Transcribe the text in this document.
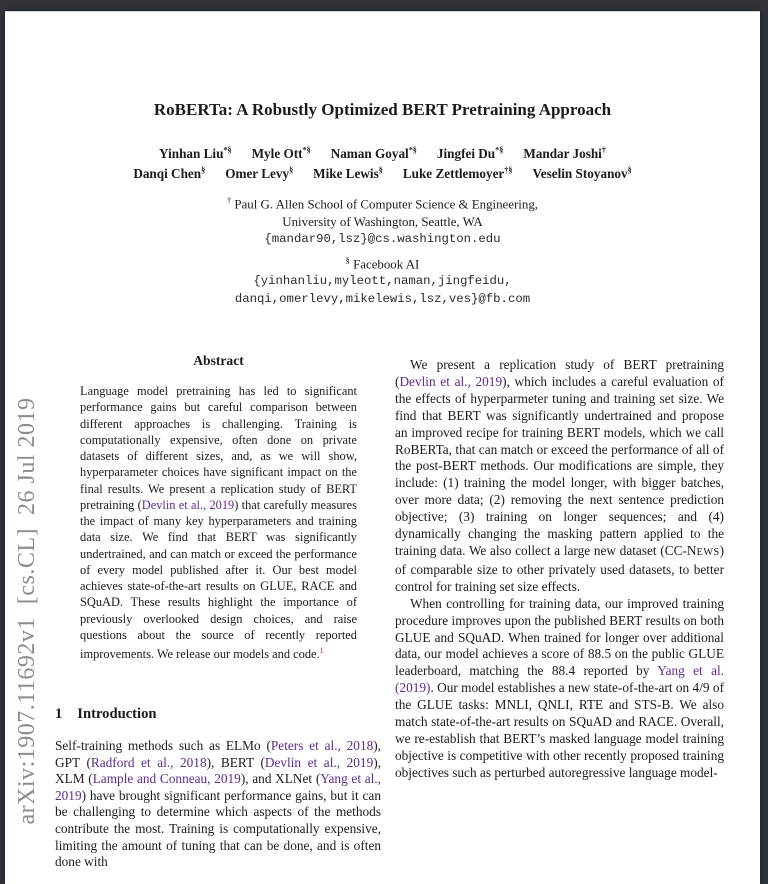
arXiv:1907.11692v1  [cs.CL]  26 Jul 2019
RoBERTa: A Robustly Optimized BERT Pretraining Approach
Yinhan Liu*§ Myle Ott*§ Naman Goyal*§ Jingfei Du*§ Mandar Joshi†
Danqi Chen§ Omer Levy§ Mike Lewis§ Luke Zettlemoyer†§ Veselin Stoyanov§
† Paul G. Allen School of Computer Science & Engineering,
University of Washington, Seattle, WA
{mandar90,lsz}@cs.washington.edu
§ Facebook AI
{yinhanliu,myleott,naman,jingfeidu,
danqi,omerlevy,mikelewis,lsz,ves}@fb.com
Abstract
Language model pretraining has led to significant performance gains but careful comparison between different approaches is challenging. Training is computationally expensive, often done on private datasets of different sizes, and, as we will show, hyperparameter choices have significant impact on the final results. We present a replication study of BERT pretraining (Devlin et al., 2019) that carefully measures the impact of many key hyperparameters and training data size. We find that BERT was significantly undertrained, and can match or exceed the performance of every model published after it. Our best model achieves state-of-the-art results on GLUE, RACE and SQuAD. These results highlight the importance of previously overlooked design choices, and raise questions about the source of recently reported improvements. We release our models and code.$^1$
1 Introduction
Self-training methods such as ELMo (Peters et al., 2018), GPT (Radford et al., 2018), BERT (Devlin et al., 2019), XLM (Lample and Conneau, 2019), and XLNet (Yang et al., 2019) have brought significant performance gains, but it can be challenging to determine which aspects of the methods contribute the most. Training is computationally expensive, limiting the amount of tuning that can be done, and is often done with

We present a replication study of BERT pretraining (Devlin et al., 2019), which includes a careful evaluation of the effects of hyperparmeter tuning and training set size. We find that BERT was significantly undertrained and propose an improved recipe for training BERT models, which we call RoBERTa, that can match or exceed the performance of all of the post-BERT methods. Our modifications are simple, they include: (1) training the model longer, with bigger batches, over more data; (2) removing the next sentence prediction objective; (3) training on longer sequences; and (4) dynamically changing the masking pattern applied to the training data. We also collect a large new dataset (CC-NEWS) of comparable size to other privately used datasets, to better control for training set size effects.

When controlling for training data, our improved training procedure improves upon the published BERT results on both GLUE and SQuAD. When trained for longer over additional data, our model achieves a score of 88.5 on the public GLUE leaderboard, matching the 88.4 reported by Yang et al. (2019). Our model establishes a new state-of-the-art on 4/9 of the GLUE tasks: MNLI, QNLI, RTE and STS-B. We also match state-of-the-art results on SQuAD and RACE. Overall, we re-establish that BERT’s masked language model training objective is competitive with other recently proposed training objectives such as perturbed autoregressive language model-
